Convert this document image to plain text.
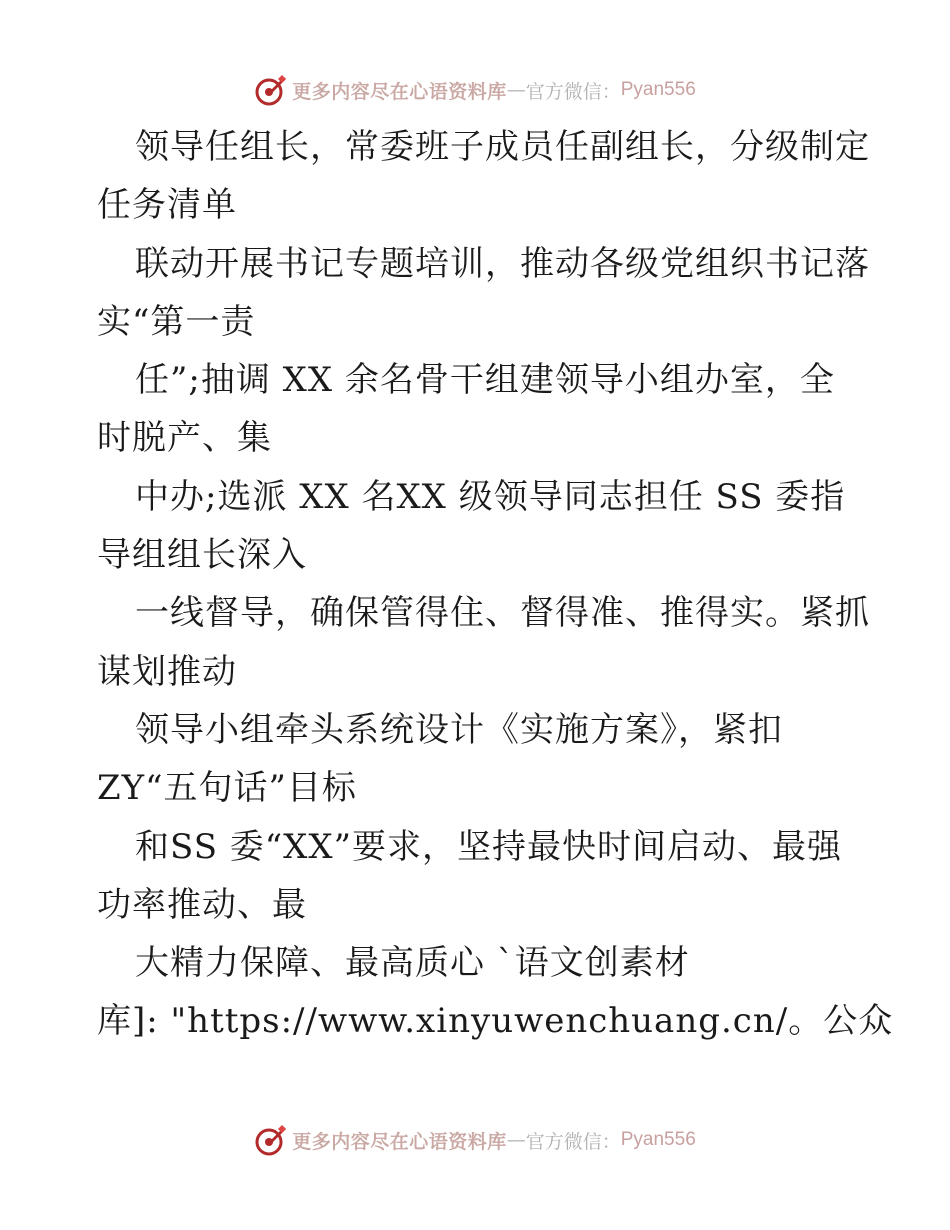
更多内容尽在心语资料库 — 官方微信： Pyan556
领导任组长，常委班子成员任副组长，分级制定
任务清单
联动开展书记专题培训，推动各级党组织书记落
实“第一责
任”;抽调 XX 余名骨干组建领导小组办室，全
时脱产、集
中办;选派 XX 名XX 级领导同志担任 SS 委指
导组组长深入
一线督导，确保管得住、督得准、推得实。紧抓
谋划推动
领导小组牵头系统设计《实施方案》，紧扣
ZY“五句话”目标
和SS 委“XX”要求，坚持最快时间启动、最强
功率推动、最
大精力保障、最高质心 `语文创素材
库]: "https://www.xinyuwenchuang.cn/。公众
更多内容尽在心语资料库 — 官方微信： Pyan556
